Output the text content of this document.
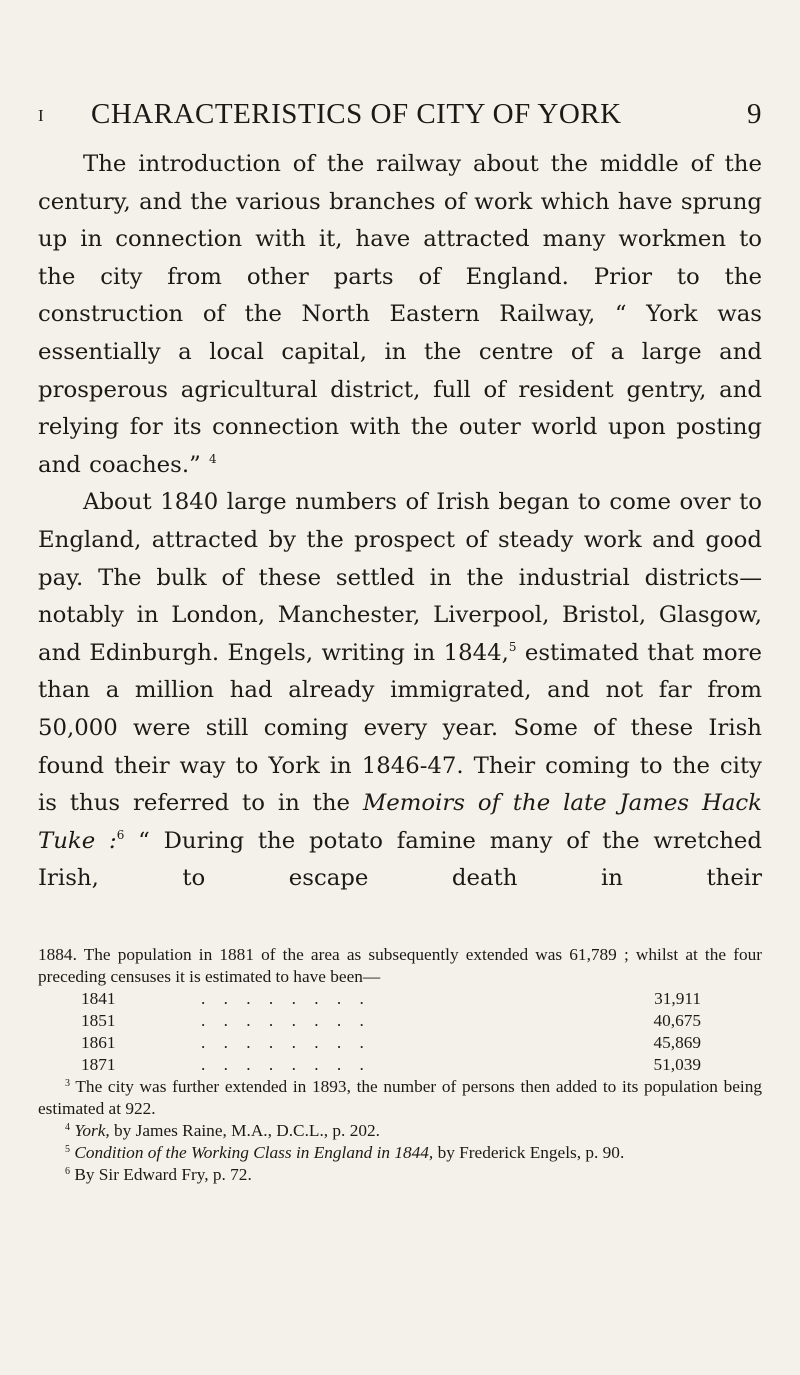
I CHARACTERISTICS OF CITY OF YORK	9

The introduction of the railway about the middle of the century, and the various branches of work which have sprung up in connection with it, have attracted many workmen to the city from other parts of England. Prior to the construction of the North Eastern Railway, “ York was essentially a local capital, in the centre of a large and prosperous agricultural district, full of resident gentry, and relying for its connection with the outer world upon posting and coaches.” $^4$

About 1840 large numbers of Irish began to come over to England, attracted by the prospect of steady work and good pay. The bulk of these settled in the industrial districts—notably in London, Manchester, Liverpool, Bristol, Glasgow, and Edinburgh. Engels, writing in 1844,$^5$ estimated that more than a million had already immigrated, and not far from 50,000 were still coming every year. Some of these Irish found their way to York in 1846-47. Their coming to the city is thus referred to in the Memoirs of the late James Hack Tuke :$^6$ “ During the potato famine many of the wretched Irish, to escape death in their

1884. The population in 1881 of the area as subsequently extended was 61,789 ; whilst at the four preceding censuses it is estimated to have been—

1841	. . . . . . . .	31,911
1851	. . . . . . . .	40,675
1861	. . . . . . . .	45,869
1871	. . . . . . . .	51,039

$^3$ The city was further extended in 1893, the number of persons then added to its population being estimated at 922.

$^4$ York, by James Raine, M.A., D.C.L., p. 202.

$^5$ Condition of the Working Class in England in 1844, by Frederick Engels, p. 90.

$^6$ By Sir Edward Fry, p. 72.
